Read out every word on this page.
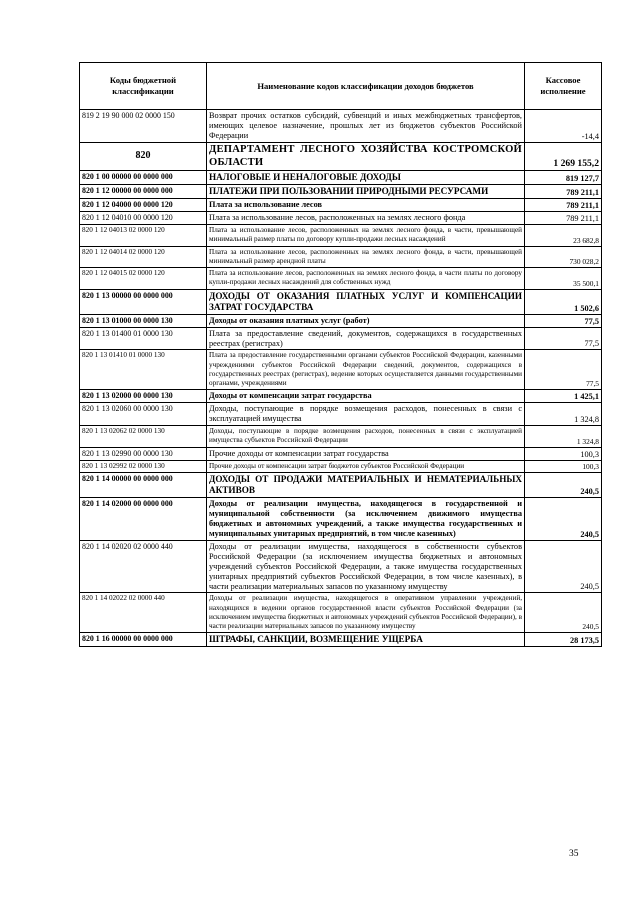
Коды бюджетной классификации	Наименование кодов классификации доходов бюджетов	Кассовое исполнение
819 2 19 90 000 02 0000 150	Возврат прочих остатков субсидий, субвенций и иных межбюджетных трансфертов, имеющих целевое назначение, прошлых лет из бюджетов субъектов Российской Федерации	-14,4
820	ДЕПАРТАМЕНТ ЛЕСНОГО ХОЗЯЙСТВА КОСТРОМСКОЙ ОБЛАСТИ	1 269 155,2
820 1 00 00000 00 0000 000	НАЛОГОВЫЕ И НЕНАЛОГОВЫЕ ДОХОДЫ	819 127,7
820 1 12 00000 00 0000 000	ПЛАТЕЖИ ПРИ ПОЛЬЗОВАНИИ ПРИРОДНЫМИ РЕСУРСАМИ	789 211,1
820 1 12 04000 00 0000 120	Плата за использование лесов	789 211,1
820 1 12 04010 00 0000 120	Плата за использование лесов, расположенных на землях лесного фонда	789 211,1
820 1 12 04013 02 0000 120	Плата за использование лесов, расположенных на землях лесного фонда, в части, превышающей минимальный размер платы по договору купли-продажи лесных насаждений	23 682,8
820 1 12 04014 02 0000 120	Плата за использование лесов, расположенных на землях лесного фонда, в части, превышающей минимальный размер арендной платы	730 028,2
820 1 12 04015 02 0000 120	Плата за использование лесов, расположенных на землях лесного фонда, в части платы по договору купли-продажи лесных насаждений для собственных нужд	35 500,1
820 1 13 00000 00 0000 000	ДОХОДЫ ОТ ОКАЗАНИЯ ПЛАТНЫХ УСЛУГ И КОМПЕНСАЦИИ ЗАТРАТ ГОСУДАРСТВА	1 502,6
820 1 13 01000 00 0000 130	Доходы от оказания платных услуг (работ)	77,5
820 1 13 01400 01 0000 130	Плата за предоставление сведений, документов, содержащихся в государственных реестрах (регистрах)	77,5
820 1 13 01410 01 0000 130	Плата за предоставление государственными органами субъектов Российской Федерации, казенными учреждениями субъектов Российской Федерации сведений, документов, содержащихся в государственных реестрах (регистрах), ведение которых осуществляется данными государственными органами, учреждениями	77,5
820 1 13 02000 00 0000 130	Доходы от компенсации затрат государства	1 425,1
820 1 13 02060 00 0000 130	Доходы, поступающие в порядке возмещения расходов, понесенных в связи с эксплуатацией имущества	1 324,8
820 1 13 02062 02 0000 130	Доходы, поступающие в порядке возмещения расходов, понесенных в связи с эксплуатацией имущества субъектов Российской Федерации	1 324,8
820 1 13 02990 00 0000 130	Прочие доходы от компенсации затрат государства	100,3
820 1 13 02992 02 0000 130	Прочие доходы от компенсации затрат бюджетов субъектов Российской Федерации	100,3
820 1 14 00000 00 0000 000	ДОХОДЫ ОТ ПРОДАЖИ МАТЕРИАЛЬНЫХ И НЕМАТЕРИАЛЬНЫХ АКТИВОВ	240,5
820 1 14 02000 00 0000 000	Доходы от реализации имущества, находящегося в государственной и муниципальной собственности (за исключением движимого имущества бюджетных и автономных учреждений, а также имущества государственных и муниципальных унитарных предприятий, в том числе казенных)	240,5
820 1 14 02020 02 0000 440	Доходы от реализации имущества, находящегося в собственности субъектов Российской Федерации (за исключением имущества бюджетных и автономных учреждений субъектов Российской Федерации, а также имущества государственных унитарных предприятий субъектов Российской Федерации, в том числе казенных), в части реализации материальных запасов по указанному имуществу	240,5
820 1 14 02022 02 0000 440	Доходы от реализации имущества, находящегося в оперативном управлении учреждений, находящихся в ведении органов государственной власти субъектов Российской Федерации (за исключением имущества бюджетных и автономных учреждений субъектов Российской Федерации), в части реализации материальных запасов по указанному имуществу	240,5
820 1 16 00000 00 0000 000	ШТРАФЫ, САНКЦИИ, ВОЗМЕЩЕНИЕ УЩЕРБА	28 173,5
35
